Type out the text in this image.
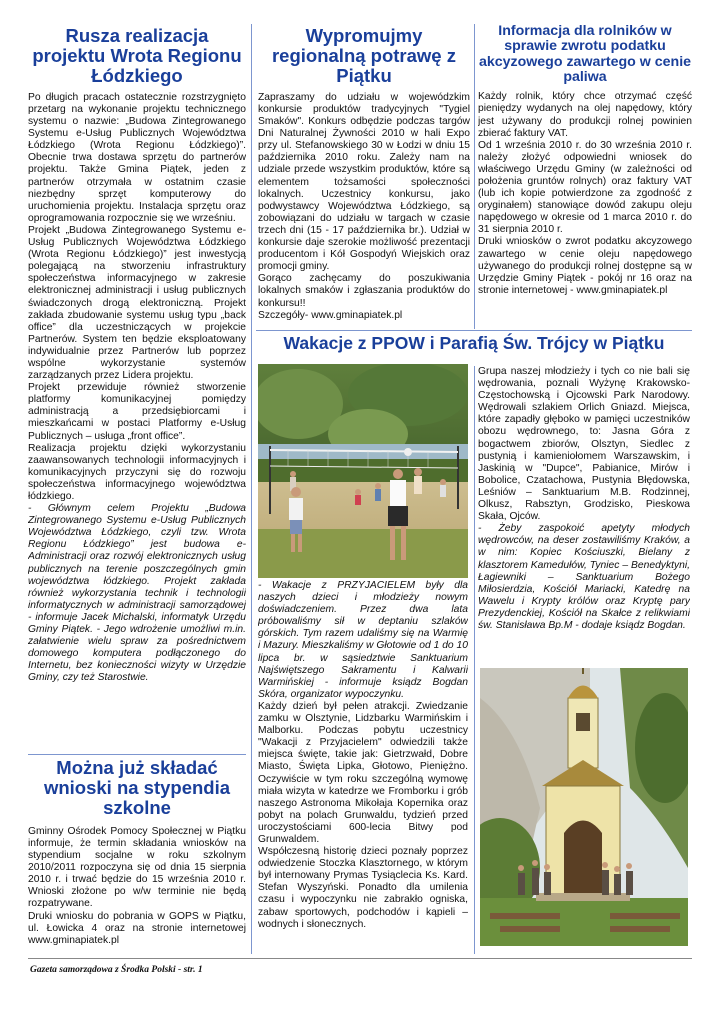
Rusza realizacja projektu Wrota Regionu Łódzkiego

Po długich pracach ostatecznie rozstrzygnięto przetarg na wykonanie projektu technicznego systemu o nazwie: „Budowa Zintegrowanego Systemu e-Usług Publicznych Województwa Łódzkiego (Wrota Regionu Łódzkiego)”. Obecnie trwa dostawa sprzętu do partnerów projektu. Także Gmina Piątek, jeden z partnerów otrzymała w ostatnim czasie niezbędny sprzęt komputerowy do uruchomienia projektu. Instalacja sprzętu oraz oprogramowania rozpocznie się we wrześniu.

Projekt „Budowa Zintegrowanego Systemu e-Usług Publicznych Województwa Łódzkiego (Wrota Regionu Łódzkiego)” jest inwestycją polegającą na stworzeniu infrastruktury społeczeństwa informacyjnego w zakresie elektronicznej administracji i usług publicznych świadczonych drogą elektroniczną. Projekt zakłada zbudowanie systemu usług typu „back office” dla uczestniczących w projekcie Partnerów. System ten będzie eksploatowany indywidualnie przez Partnerów lub poprzez wspólne wykorzystanie systemów zarządzanych przez Lidera projektu.

Projekt przewiduje również stworzenie platformy komunikacyjnej pomiędzy administracją a przedsiębiorcami i mieszkańcami w postaci Platformy e-Usług Publicznych – usługa „front office”.

Realizacja projektu dzięki wykorzystaniu zaawansowanych technologii informacyjnych i komunikacyjnych przyczyni się do rozwoju społeczeństwa informacyjnego województwa łódzkiego.

- Głównym celem Projektu „Budowa Zintegrowanego Systemu e-Usług Publicznych Województwa Łódzkiego, czyli tzw. Wrota Regionu Łódzkiego” jest budowa e-Administracji oraz rozwój elektronicznych usług publicznych na terenie poszczególnych gmin województwa łódzkiego. Projekt zakłada również wykorzystania technik i technologii informatycznych w administracji samorządowej - informuje Jacek Michalski, informatyk Urzędu Gminy Piątek. - Jego wdrożenie umożliwi m.in. załatwienie wielu spraw za pośrednictwem domowego komputera podłączonego do Internetu, bez konieczności wizyty w Urzędzie Gminy, czy też Starostwie.

Można już składać wnioski na stypendia szkolne

Gminny Ośrodek Pomocy Społecznej w Piątku informuje, że termin składania wniosków na stypendium socjalne w roku szkolnym 2010/2011 rozpoczyna się od dnia 15 sierpnia 2010 r. i trwać będzie do 15 września 2010 r. Wnioski złożone po w/w terminie nie będą rozpatrywane.

Druki wniosku do pobrania w GOPS w Piątku, ul. Łowicka 4 oraz na stronie internetowej www.gminapiatek.pl

Wypromujmy regionalną potrawę z Piątku

Zapraszamy do udziału w wojewódzkim konkursie produktów tradycyjnych "Tygiel Smaków". Konkurs odbędzie podczas targów Dni Naturalnej Żywności 2010 w hali Expo przy ul. Stefanowskiego 30 w Łodzi w dniu 15 października 2010 roku. Zależy nam na udziale przede wszystkim produktów, które są elementem tożsamości społeczności lokalnych. Uczestnicy konkursu, jako podwystawcy Województwa Łódzkiego, są zobowiązani do udziału w targach w czasie trzech dni (15 - 17 października br.). Udział w konkursie daje szerokie możliwość prezentacji producentom i Kół Gospodyń Wiejskich oraz promocji gminy.

Gorąco zachęcamy do poszukiwania lokalnych smaków i zgłaszania produktów do konkursu!!

Szczegóły- www.gminapiatek.pl

Informacja dla rolników w sprawie zwrotu podatku akcyzowego zawartego w cenie paliwa

Każdy rolnik, który chce otrzymać część pieniędzy wydanych na olej napędowy, który jest używany do produkcji rolnej powinien zbierać faktury VAT.

Od 1 września 2010 r. do 30 września 2010 r. należy złożyć odpowiedni wniosek do właściwego Urzędu Gminy (w zależności od położenia gruntów rolnych) oraz faktury VAT (lub ich kopie potwierdzone za zgodność z oryginałem) stanowiące dowód zakupu oleju napędowego w okresie od 1 marca 2010 r. do 31 sierpnia 2010 r.

Druki wniosków o zwrot podatku akcyzowego zawartego w cenie oleju napędowego używanego do produkcji rolnej dostępne są w Urzędzie Gminy Piątek - pokój nr 16 oraz na stronie internetowej - www.gminapiatek.pl

Wakacje z PPOW i Parafią Św. Trójcy w Piątku

- Wakacje z PRZYJACIELEM były dla naszych dzieci i młodzieży nowym doświadczeniem. Przez dwa lata próbowaliśmy sił w deptaniu szlaków górskich. Tym razem udaliśmy się na Warmię i Mazury. Mieszkaliśmy w Głotowie od 1 do 10 lipca br. w sąsiedztwie Sanktuarium Najświętszego Sakramentu i Kalwarii Warmińskiej - informuje ksiądz Bogdan Skóra, organizator wypoczynku.

Każdy dzień był pełen atrakcji. Zwiedzanie zamku w Olsztynie, Lidzbarku Warmińskim i Malborku. Podczas pobytu uczestnicy "Wakacji z Przyjacielem" odwiedzili także miejsca święte, takie jak: Gietrzwałd, Dobre Miasto, Święta Lipka, Głotowo, Pieniężno. Oczywiście w tym roku szczególną wymowę miała wizyta w katedrze we Fromborku i grób naszego Astronoma Mikołaja Kopernika oraz pobyt na polach Grunwaldu, tydzień przed uroczystościami 600-lecia Bitwy pod Grunwaldem.

Współczesną historię dzieci poznały poprzez odwiedzenie Stoczka Klasztornego, w którym był internowany Prymas Tysiąclecia Ks. Kard. Stefan Wyszyński. Ponadto dla umilenia czasu i wypoczynku nie zabrakło ogniska, zabaw sportowych, podchodów i kąpieli – wodnych i słonecznych.

Grupa naszej młodzieży i tych co nie bali się wędrowania, poznali Wyżynę Krakowsko-Częstochowską i Ojcowski Park Narodowy. Wędrowali szlakiem Orlich Gniazd. Miejsca, które zapadły głęboko w pamięci uczestników obozu wędrownego, to: Jasna Góra z bogactwem zbiorów, Olsztyn, Siedlec z pustynią i kamieniołomem Warszawskim, i Jaskinią w "Dupce", Pabianice, Mirów i Bobolice, Czatachowa, Pustynia Błędowska, Leśniów – Sanktuarium M.B. Rodzinnej, Olkusz, Rabsztyn, Grodzisko, Pieskowa Skała, Ojców.

- Żeby zaspokoić apetyty młodych wędrowców, na deser zostawiliśmy Kraków, a w nim: Kopiec Kościuszki, Bielany z klasztorem Kamedułów, Tyniec – Benedyktyni, Łagiewniki – Sanktuarium Bożego Miłosierdzia, Kościół Mariacki, Katedrę na Wawelu i Krypty królów oraz Kryptę pary Prezydenckiej, Kościół na Skałce z relikwiami św. Stanisława Bp.M - dodaje ksiądz Bogdan.

Gazeta samorządowa z Środka Polski - str. 1
